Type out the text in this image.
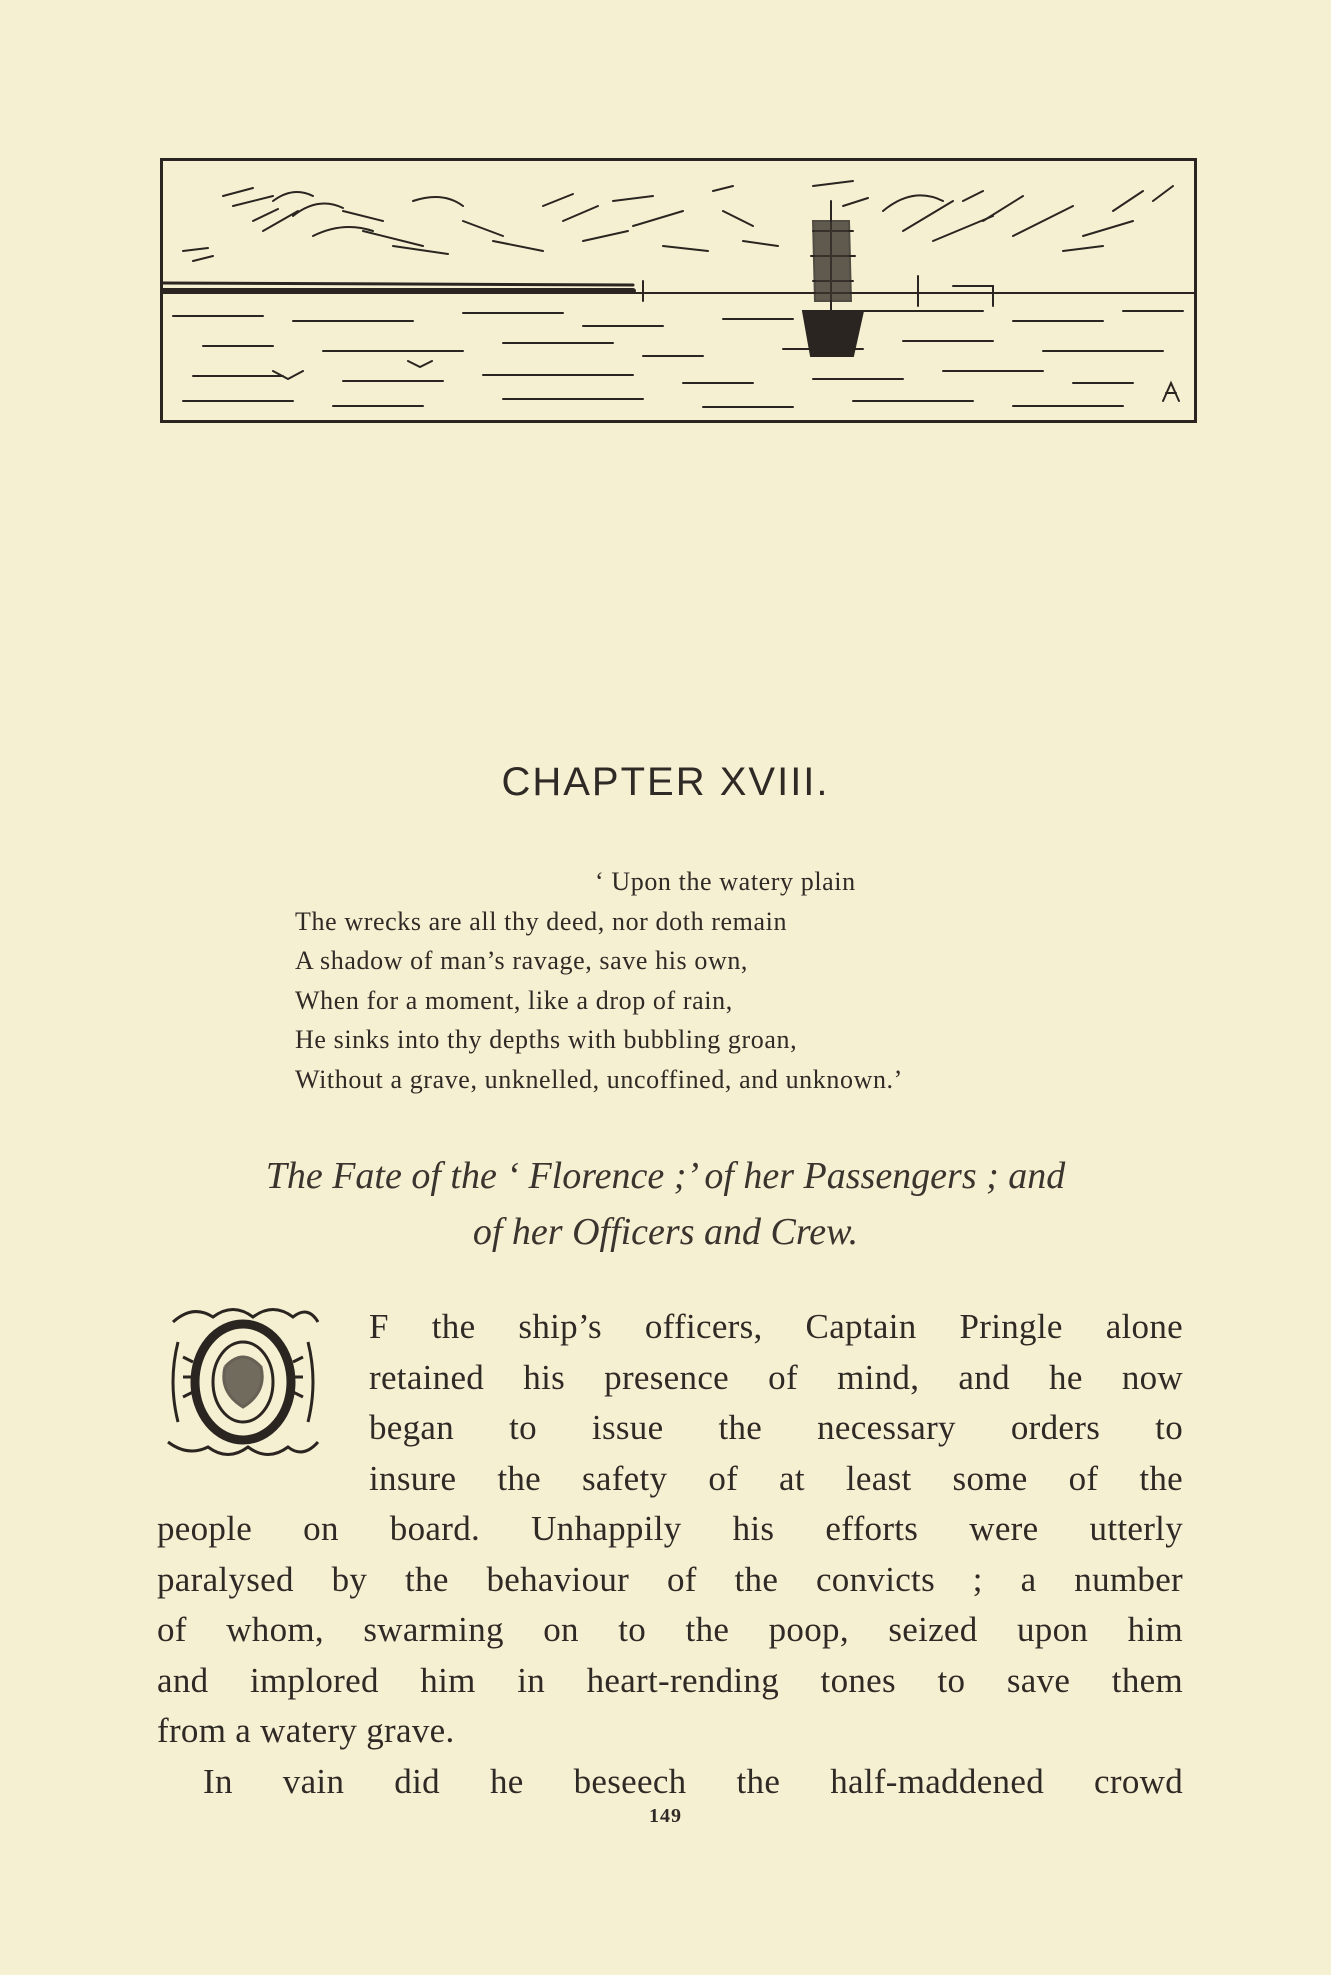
CHAPTER XVIII.
‘ Upon the watery plain
The wrecks are all thy deed, nor doth remain
A shadow of man’s ravage, save his own,
When for a moment, like a drop of rain,
He sinks into thy depths with bubbling groan,
Without a grave, unknelled, uncoffined, and unknown.’
The Fate of the ‘ Florence ;’ of her Passengers ; and
of her Officers and Crew.
F the ship’s officers, Captain Pringle alone
retained his presence of mind, and he now
began to issue the necessary orders to
insure the safety of at least some of the
people on board. Unhappily his efforts were utterly
paralysed by the behaviour of the convicts ; a number
of whom, swarming on to the poop, seized upon him
and implored him in heart-rending tones to save them
from a watery grave.
In vain did he beseech the half-maddened crowd
149
